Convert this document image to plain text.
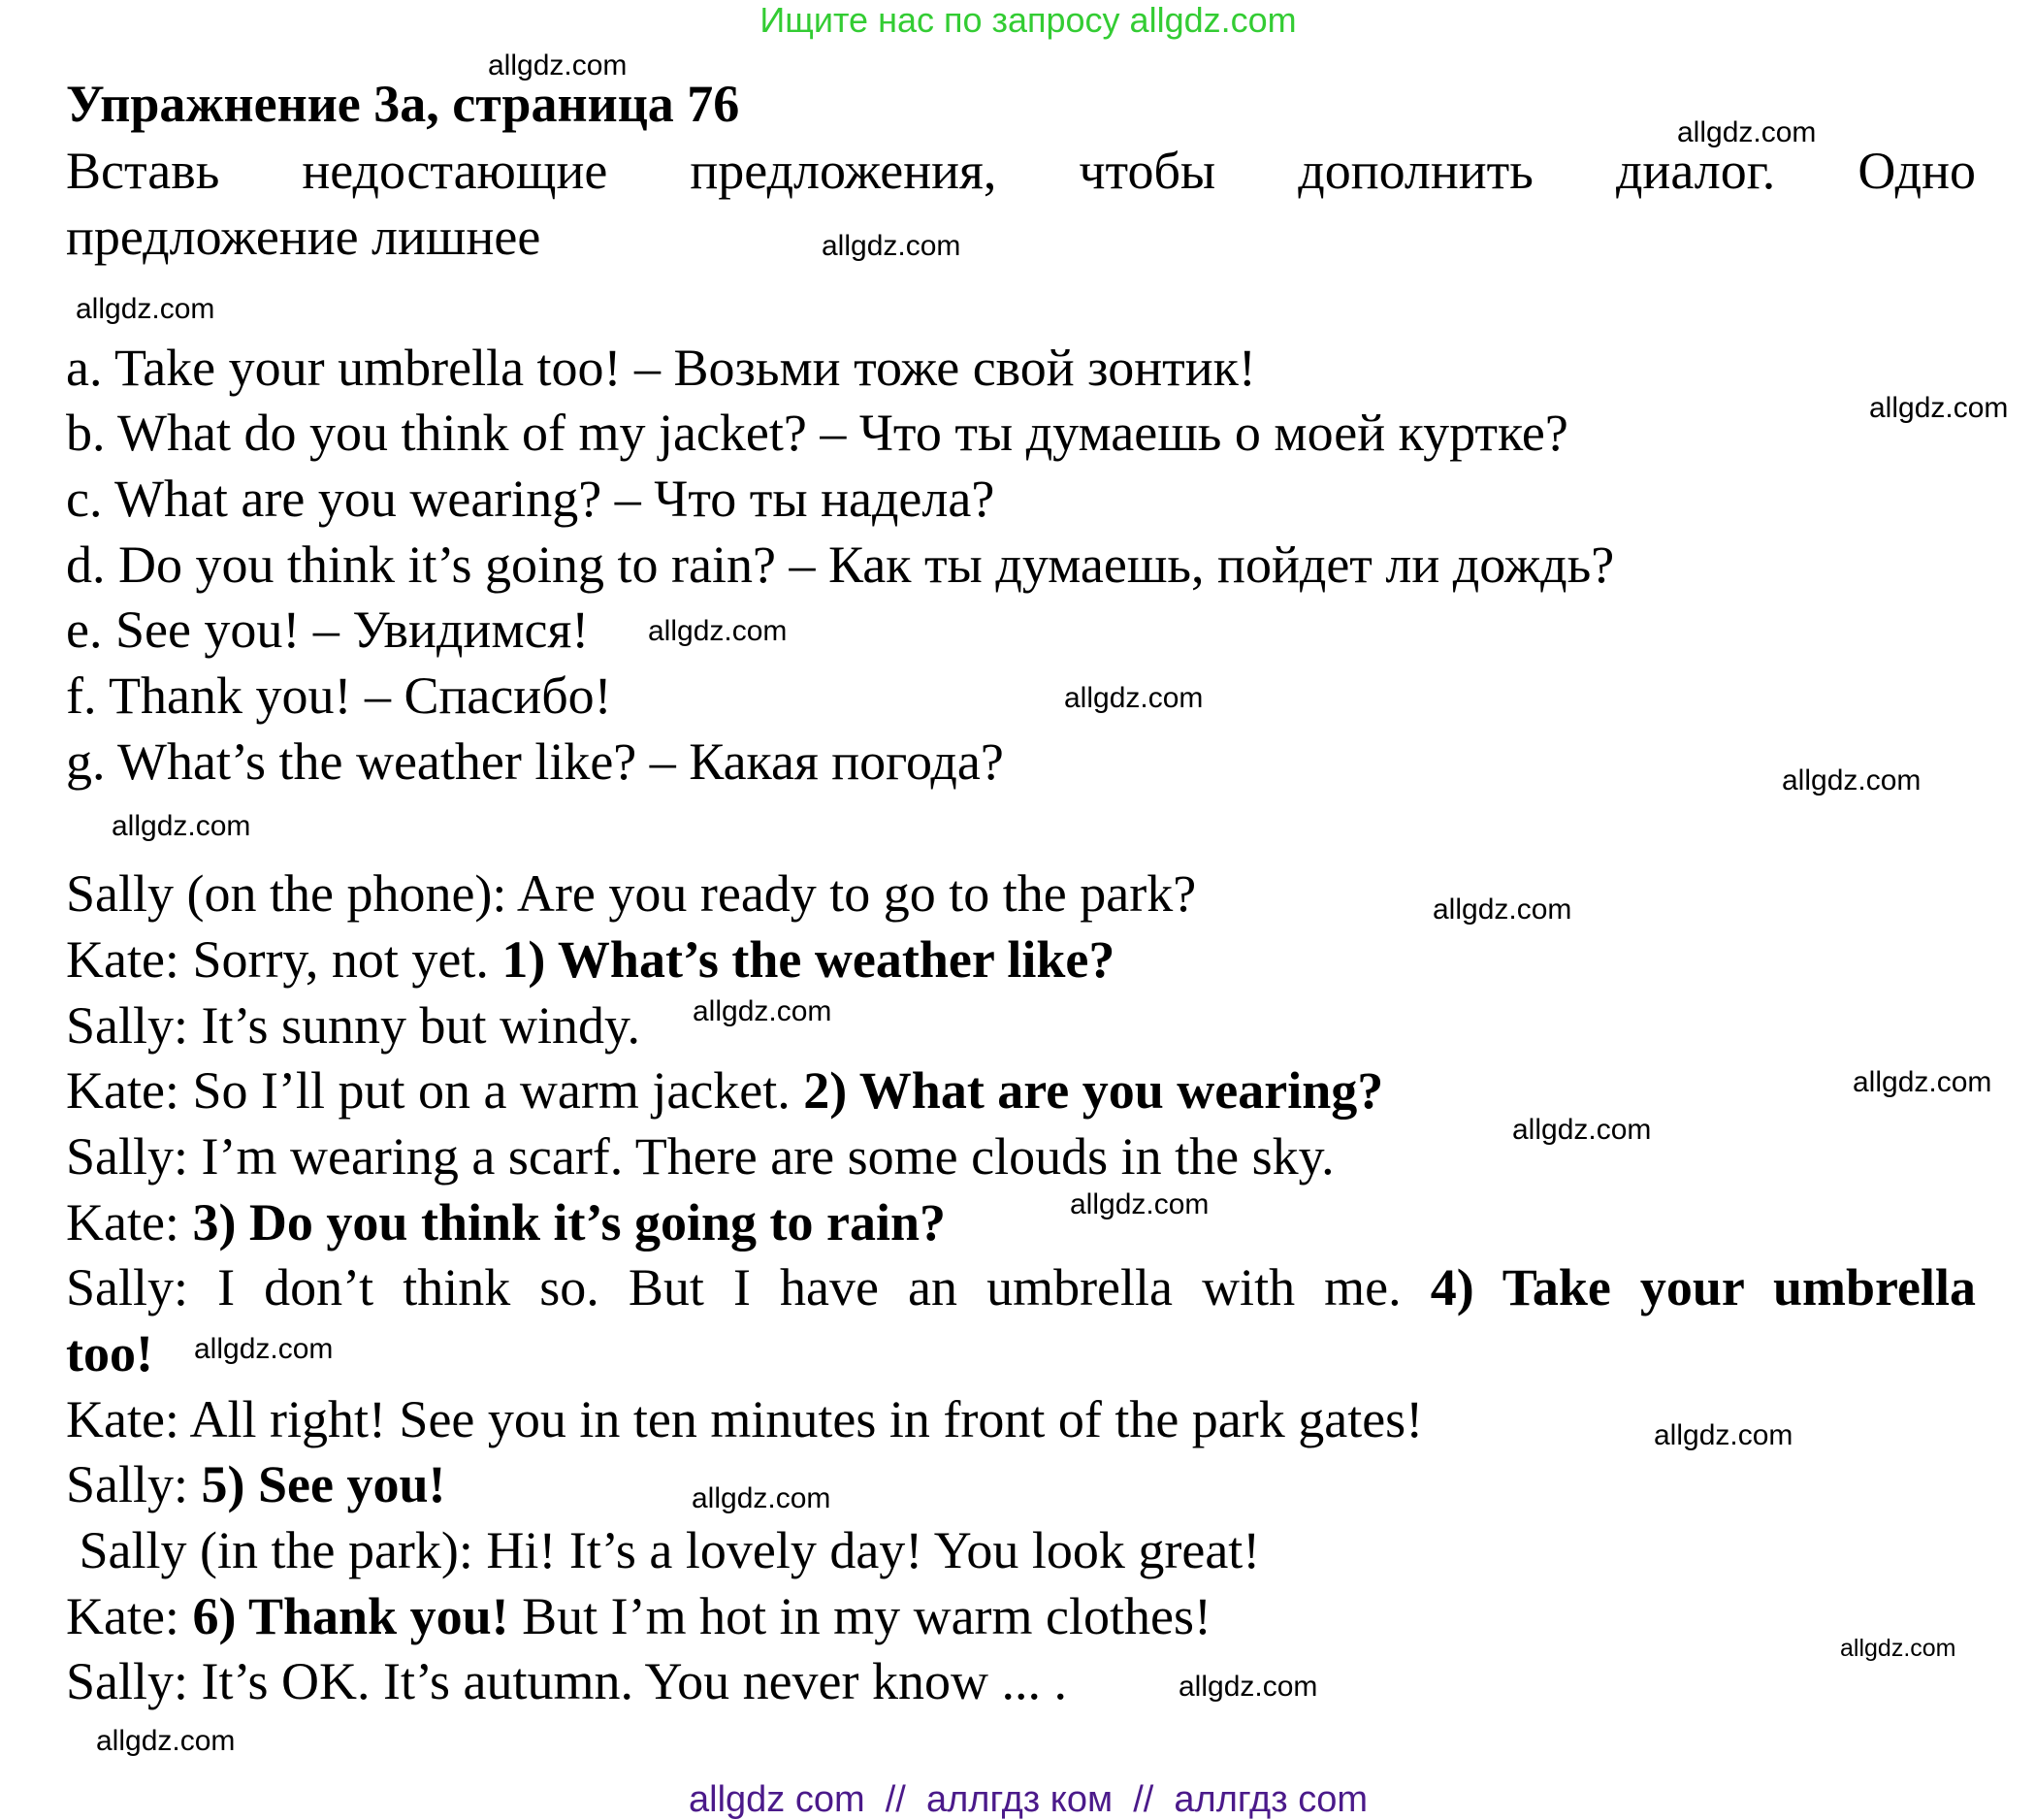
Ищите нас по запросу allgdz.com
Упражнение 3а, страница 76
Вставь недостающие предложения, чтобы дополнить диалог. Одно
предложение лишнее
a. Take your umbrella too! – Возьми тоже свой зонтик!
b. What do you think of my jacket? – Что ты думаешь о моей куртке?
c. What are you wearing? – Что ты надела?
d. Do you think it’s going to rain? – Как ты думаешь, пойдет ли дождь?
e. See you! – Увидимся!
f. Thank you! – Спасибо!
g. What’s the weather like? – Какая погода?
Sally (on the phone): Are you ready to go to the park?
Kate: Sorry, not yet. 1) What’s the weather like?
Sally: It’s sunny but windy.
Kate: So I’ll put on a warm jacket. 2) What are you wearing?
Sally: I’m wearing a scarf. There are some clouds in the sky.
Kate: 3) Do you think it’s going to rain?
Sally: I don’t think so. But I have an umbrella with me. 4) Take your umbrella
too!
Kate: All right! See you in ten minutes in front of the park gates!
Sally: 5) See you!
Sally (in the park): Hi! It’s a lovely day! You look great!
Kate: 6) Thank you! But I’m hot in my warm clothes!
Sally: It’s OK. It’s autumn. You never know ... .
allgdz.com
allgdz.com
allgdz.com
allgdz.com
allgdz.com
allgdz.com
allgdz.com
allgdz.com
allgdz.com
allgdz.com
allgdz.com
allgdz.com
allgdz.com
allgdz.com
allgdz.com
allgdz.com
allgdz.com
allgdz.com
allgdz.com
allgdz.com
allgdz com  //  аллгдз ком  //  аллгдз com
